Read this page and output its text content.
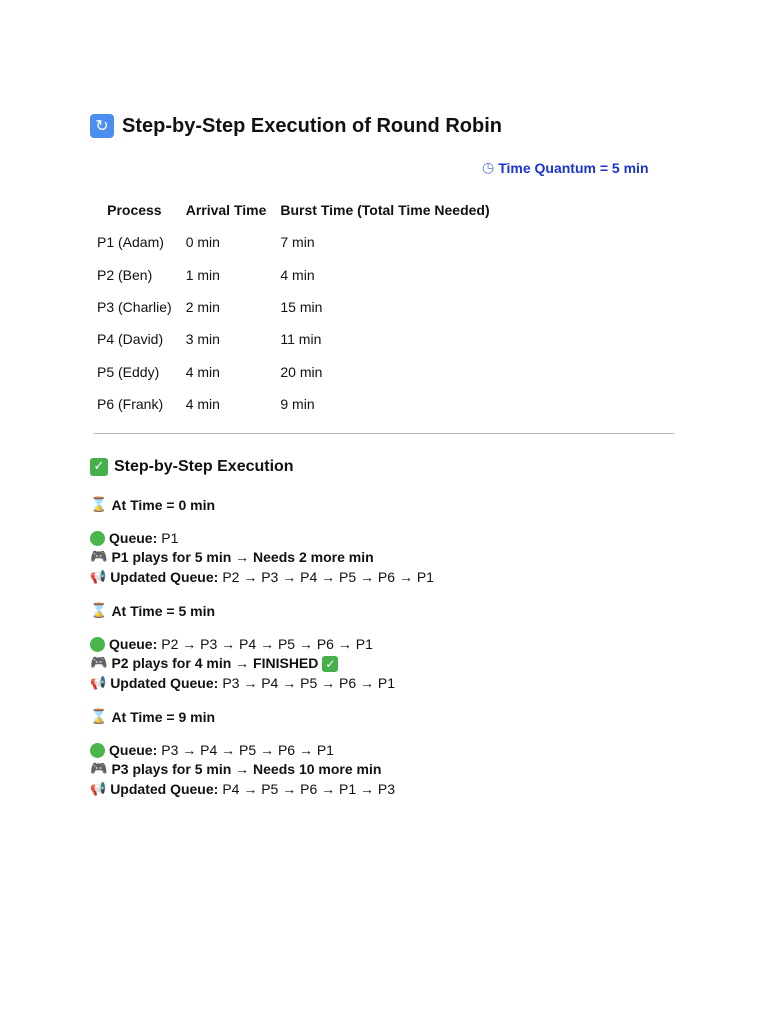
↻ Step-by-Step Execution of Round Robin
◷ Time Quantum = 5 min
Process	Arrival Time	Burst Time (Total Time Needed)
P1 (Adam)	0 min	7 min
P2 (Ben)	1 min	4 min
P3 (Charlie)	2 min	15 min
P4 (David)	3 min	11 min
P5 (Eddy)	4 min	20 min
P6 (Frank)	4 min	9 min
✓ Step-by-Step Execution
⌛ At Time = 0 min
Queue: P1
🎮 P1 plays for 5 min → Needs 2 more min
📢 Updated Queue: P2 → P3 → P4 → P5 → P6 → P1
⌛ At Time = 5 min
Queue: P2 → P3 → P4 → P5 → P6 → P1
🎮 P2 plays for 4 min → FINISHED ✓
📢 Updated Queue: P3 → P4 → P5 → P6 → P1
⌛ At Time = 9 min
Queue: P3 → P4 → P5 → P6 → P1
🎮 P3 plays for 5 min → Needs 10 more min
📢 Updated Queue: P4 → P5 → P6 → P1 → P3
